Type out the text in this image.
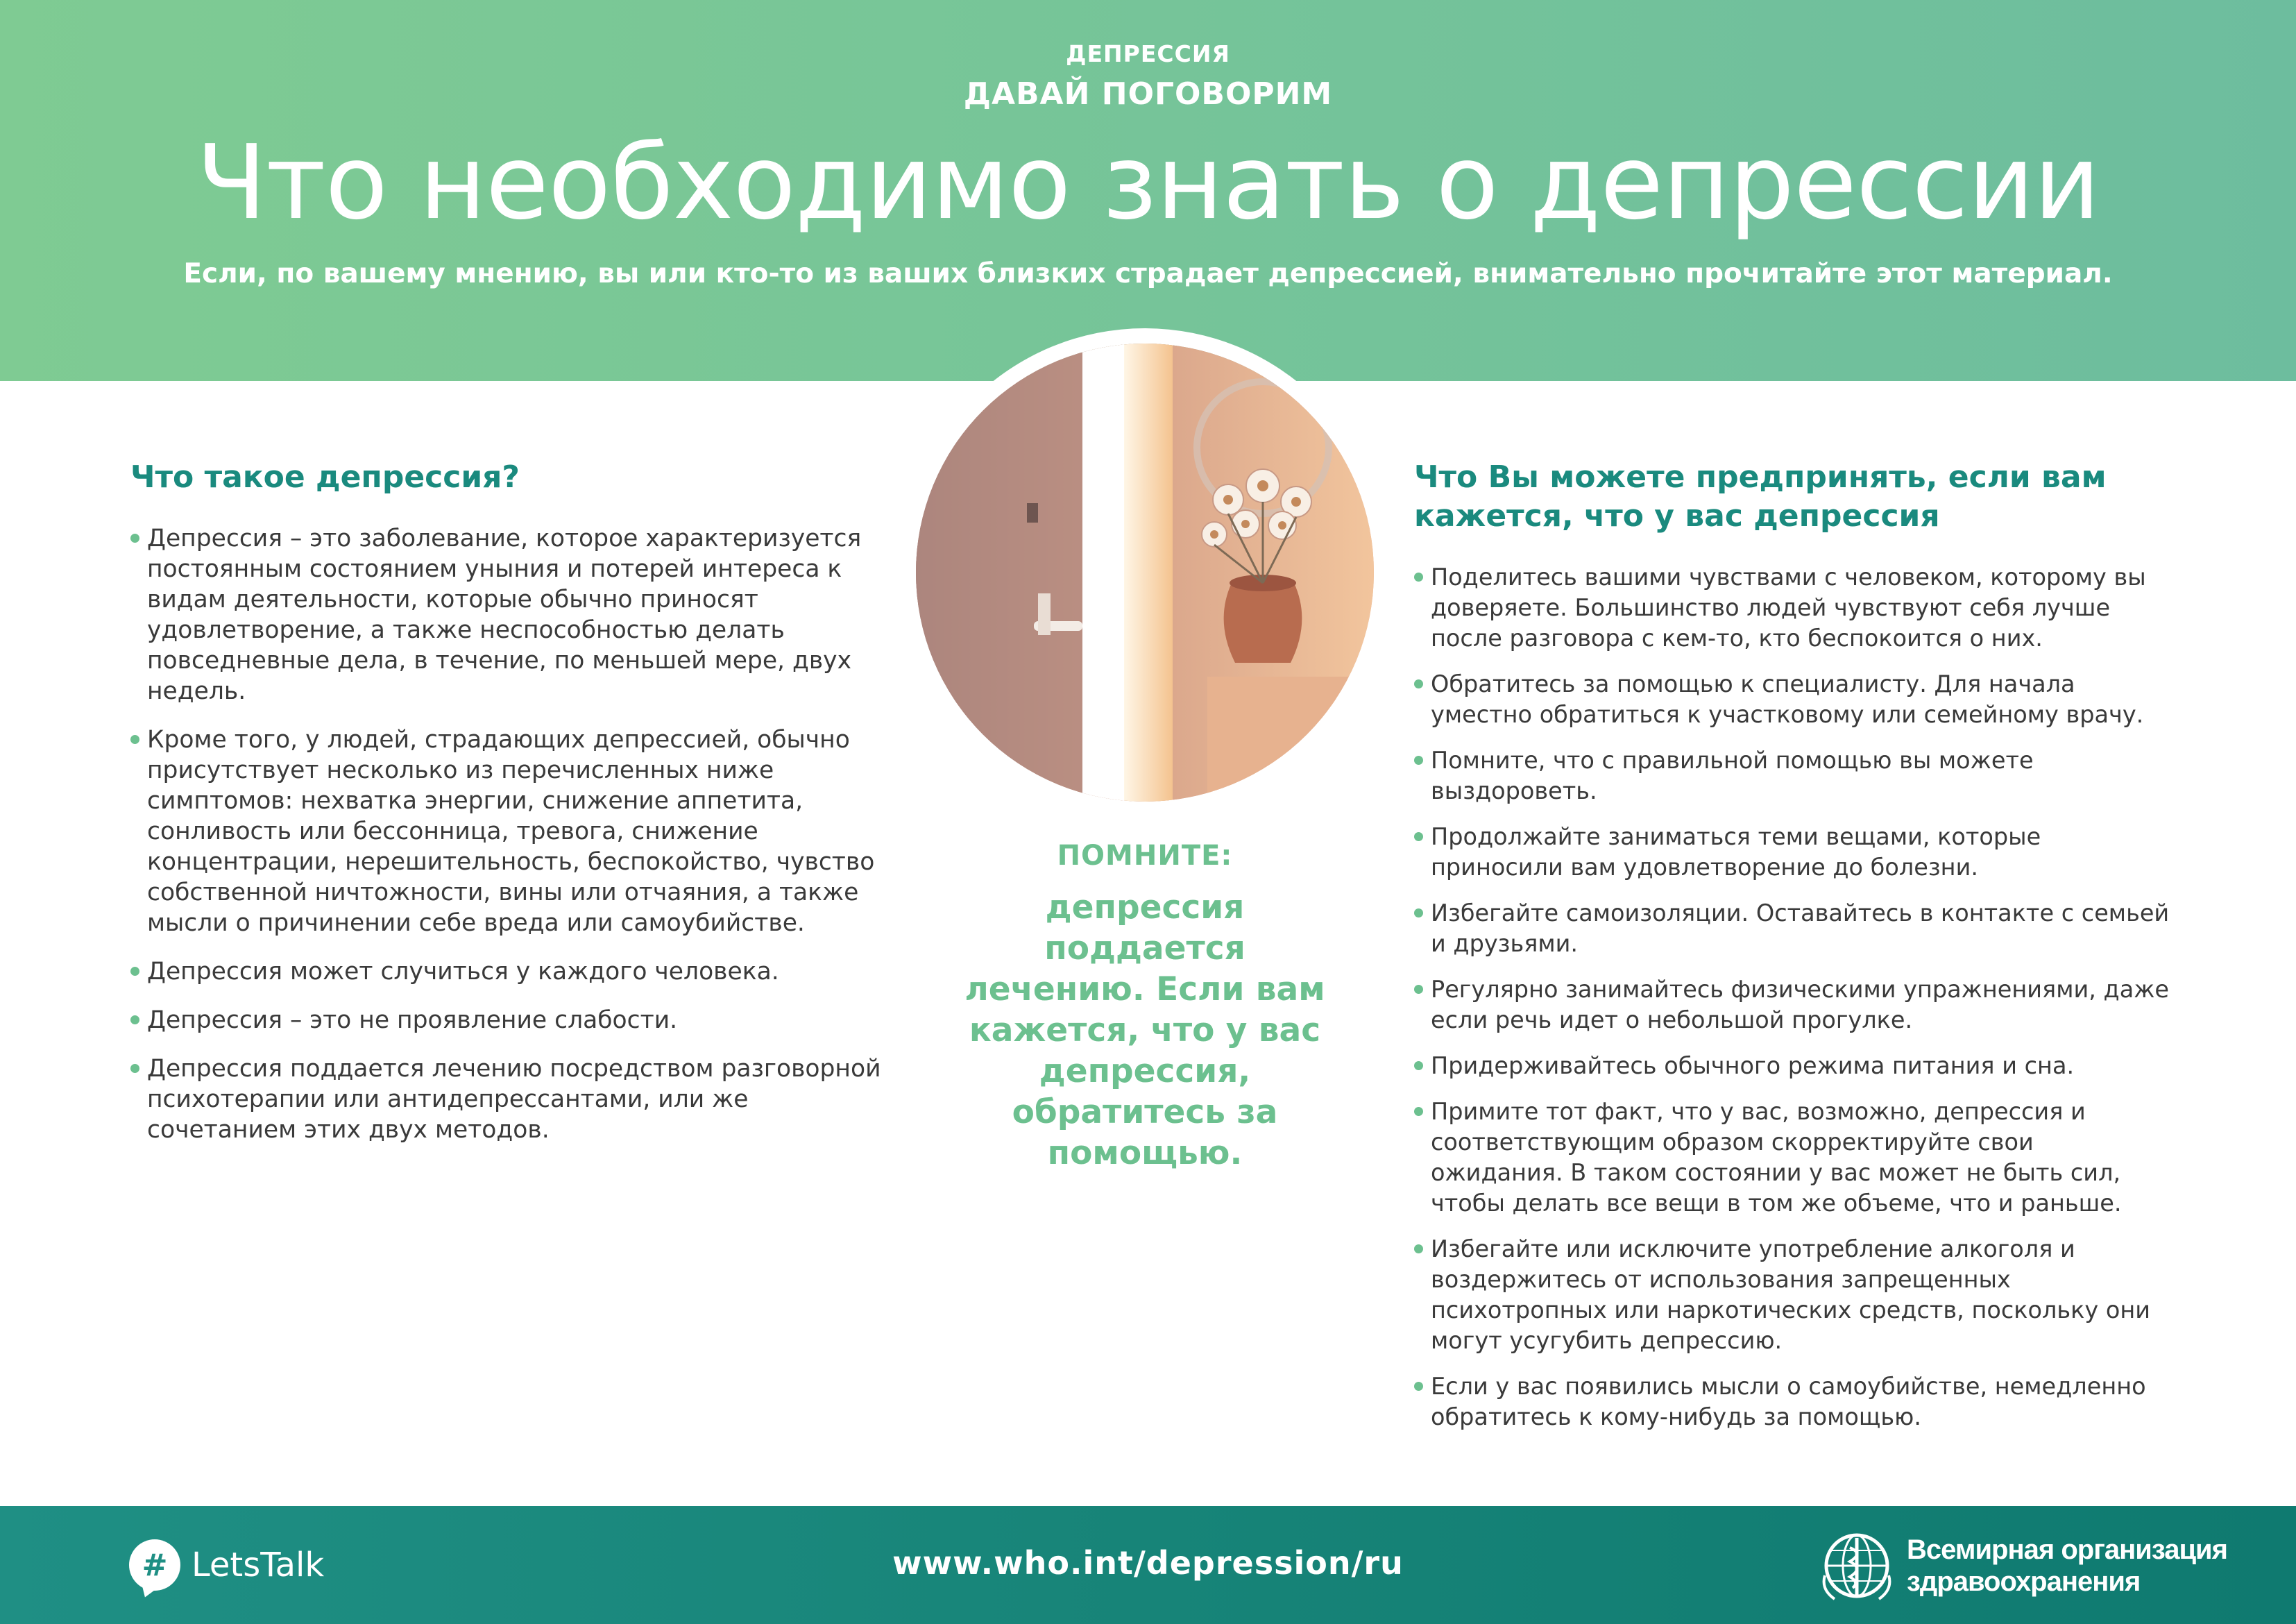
ДЕПРЕССИЯ
ДАВАЙ ПОГОВОРИМ
Что необходимо знать о депрессии
Если, по вашему мнению, вы или кто-то из ваших близких страдает депрессией, внимательно прочитайте этот материал.
Что такое депрессия?
Депрессия – это заболевание, которое характеризуется постоянным состоянием уныния и потерей интереса к видам деятельности, которые обычно приносят удовлетворение, а также неспособностью делать повседневные дела, в течение, по меньшей мере, двух недель.
Кроме того, у людей, страдающих депрессией, обычно присутствует несколько из перечисленных ниже симптомов: нехватка энергии, снижение аппетита, сонливость или бессонница, тревога, снижение концентрации, нерешительность, беспокойство, чувство собственной ничтожности, вины или отчаяния, а также мысли о причинении себе вреда или самоубийстве.
Депрессия может случиться у каждого человека.
Депрессия – это не проявление слабости.
Депрессия поддается лечению посредством разговорной психотерапии или антидепрессантами, или же сочетанием этих двух методов.
ПОМНИТЕ:
депрессия поддается лечению. Если вам кажется, что у вас депрессия, обратитесь за помощью.
Что Вы можете предпринять, если вам кажется, что у вас депрессия
Поделитесь вашими чувствами с человеком, которому вы доверяете. Большинство людей чувствуют себя лучше после разговора с кем-то, кто беспокоится о них.
Обратитесь за помощью к специалисту. Для начала уместно обратиться к участковому или семейному врачу.
Помните, что с правильной помощью вы можете выздороветь.
Продолжайте заниматься теми вещами, которые приносили вам удовлетворение до болезни.
Избегайте самоизоляции. Оставайтесь в контакте с семьей и друзьями.
Регулярно занимайтесь физическими упражнениями, даже если речь идет о небольшой прогулке.
Придерживайтесь обычного режима питания и сна.
Примите тот факт, что у вас, возможно, депрессия и соответствующим образом скорректируйте свои ожидания. В таком состоянии у вас может не быть сил, чтобы делать все вещи в том же объеме, что и раньше.
Избегайте или исключите употребление алкоголя и воздержитесь от использования запрещенных психотропных или наркотических средств, поскольку они могут усугубить депрессию.
Если у вас появились мысли о самоубийстве, немедленно обратитесь к кому-нибудь за помощью.
# LetsTalk	www.who.int/depression/ru	Всемирная организация
здравоохранения
